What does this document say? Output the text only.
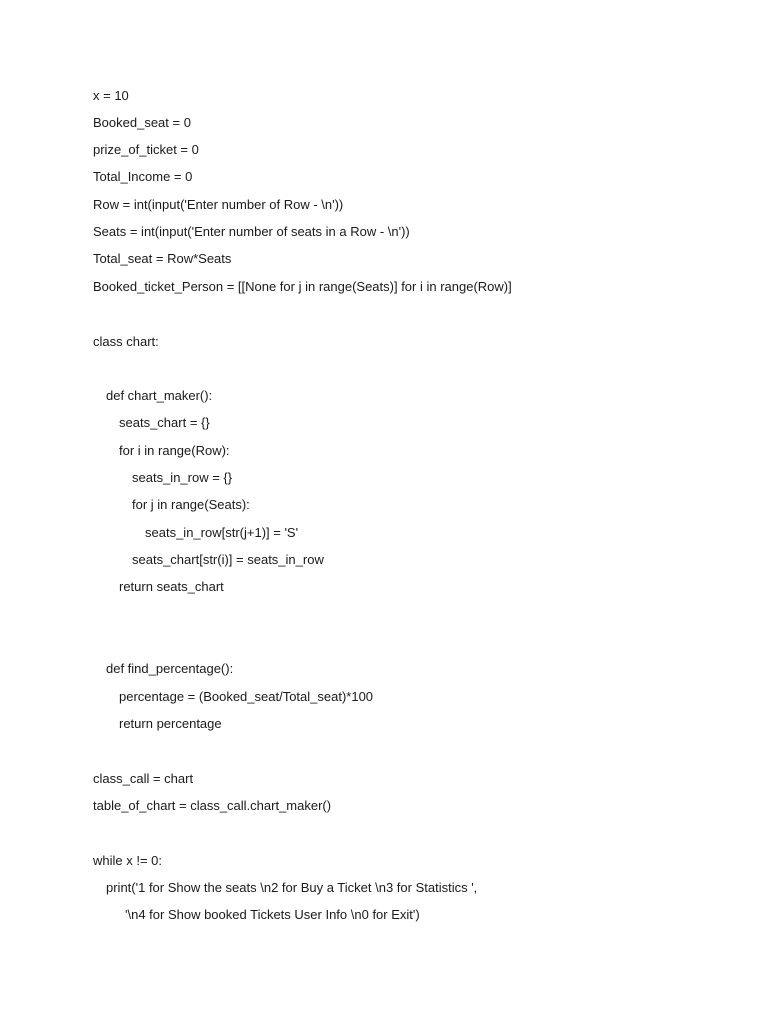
x = 10

Booked_seat = 0

prize_of_ticket = 0

Total_Income = 0

Row = int(input('Enter number of Row - \n'))

Seats = int(input('Enter number of seats in a Row - \n'))

Total_seat = Row*Seats

Booked_ticket_Person = [[None for j in range(Seats)] for i in range(Row)]

class chart:

def chart_maker():

seats_chart = {}

for i in range(Row):

seats_in_row = {}

for j in range(Seats):

seats_in_row[str(j+1)] = 'S'

seats_chart[str(i)] = seats_in_row

return seats_chart

def find_percentage():

percentage = (Booked_seat/Total_seat)*100

return percentage

class_call = chart

table_of_chart = class_call.chart_maker()

while x != 0:

print('1 for Show the seats \n2 for Buy a Ticket \n3 for Statistics ',

'\n4 for Show booked Tickets User Info \n0 for Exit')
